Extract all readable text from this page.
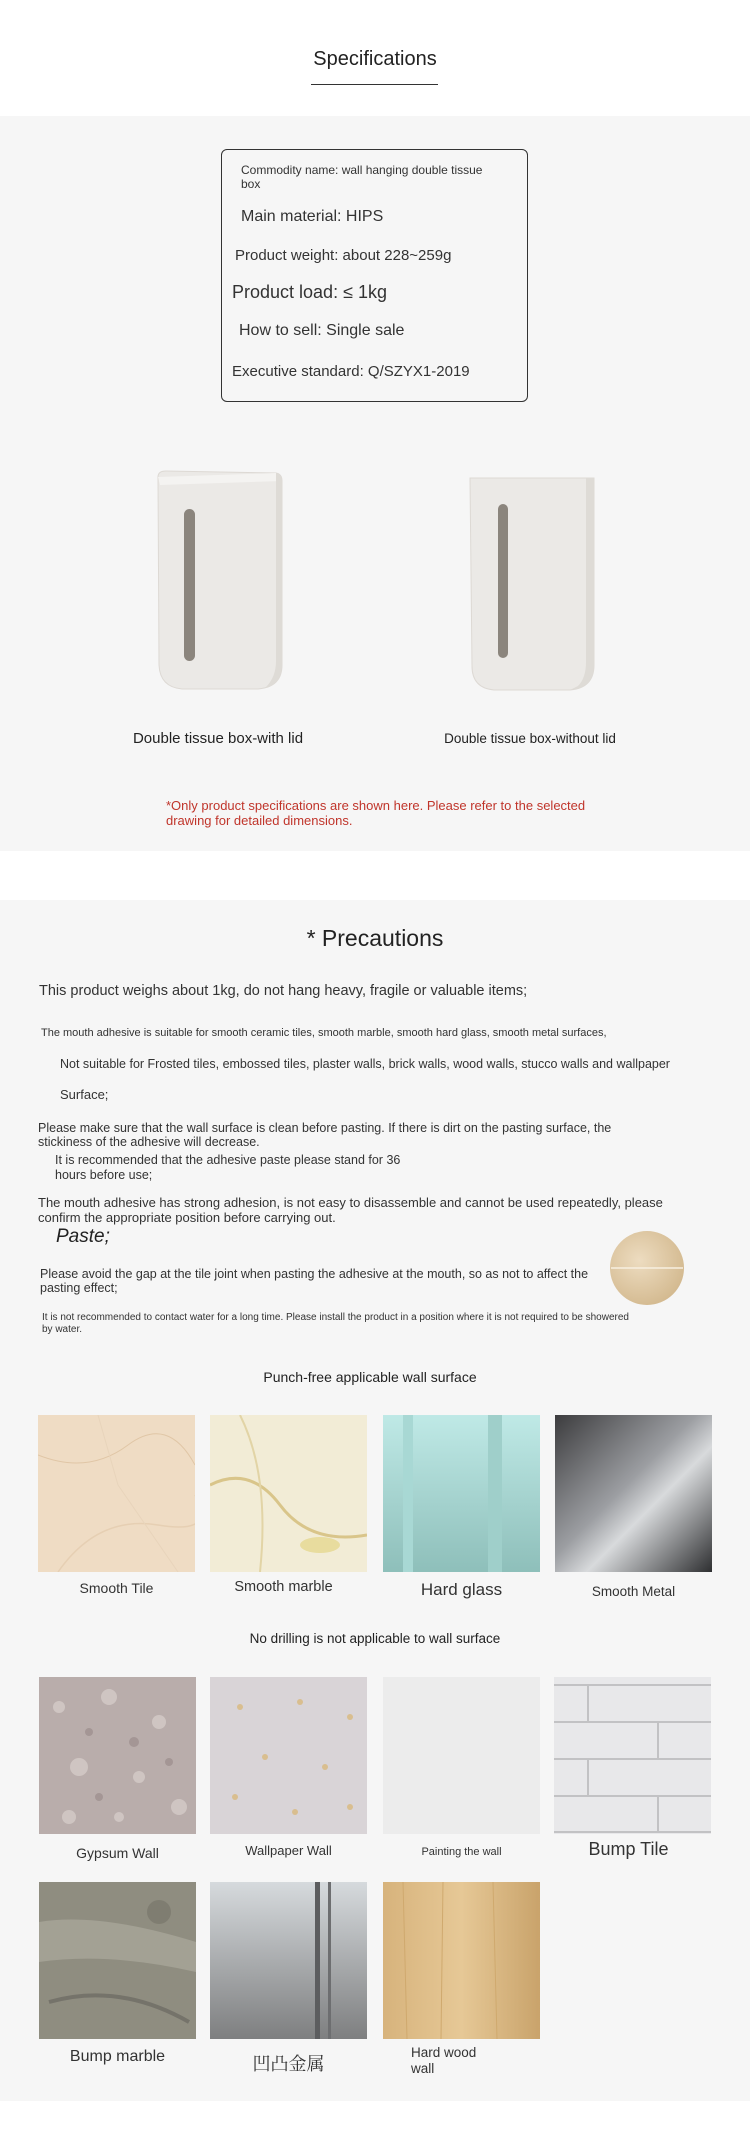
Specifications
Commodity name: wall hanging double tissue box
Main material: HIPS
Product weight: about 228~259g
Product load: ≤ 1kg
How to sell: Single sale
Executive standard: Q/SZYX1-2019
Double tissue box-with lid	Double tissue box-without lid
*Only product specifications are shown here. Please refer to the selected drawing for detailed dimensions.
* Precautions
This product weighs about 1kg, do not hang heavy, fragile or valuable items;
The mouth adhesive is suitable for smooth ceramic tiles, smooth marble, smooth hard glass, smooth metal surfaces,
Not suitable for Frosted tiles, embossed tiles, plaster walls, brick walls, wood walls, stucco walls and wallpaper
Surface;
Please make sure that the wall surface is clean before pasting. If there is dirt on the pasting surface, the stickiness of the adhesive will decrease.
It is recommended that the adhesive paste please stand for 36 hours before use;
The mouth adhesive has strong adhesion, is not easy to disassemble and cannot be used repeatedly, please confirm the appropriate position before carrying out.
Paste;
Please avoid the gap at the tile joint when pasting the adhesive at the mouth, so as not to affect the pasting effect;
It is not recommended to contact water for a long time. Please install the product in a position where it is not required to be showered by water.
Punch-free applicable wall surface
Smooth Tile	Smooth marble	Hard glass	Smooth Metal
No drilling is not applicable to wall surface
Gypsum Wall	Wallpaper Wall	Painting the wall	Bump Tile
Bump marble	凹凸金属
Hard wood wall
